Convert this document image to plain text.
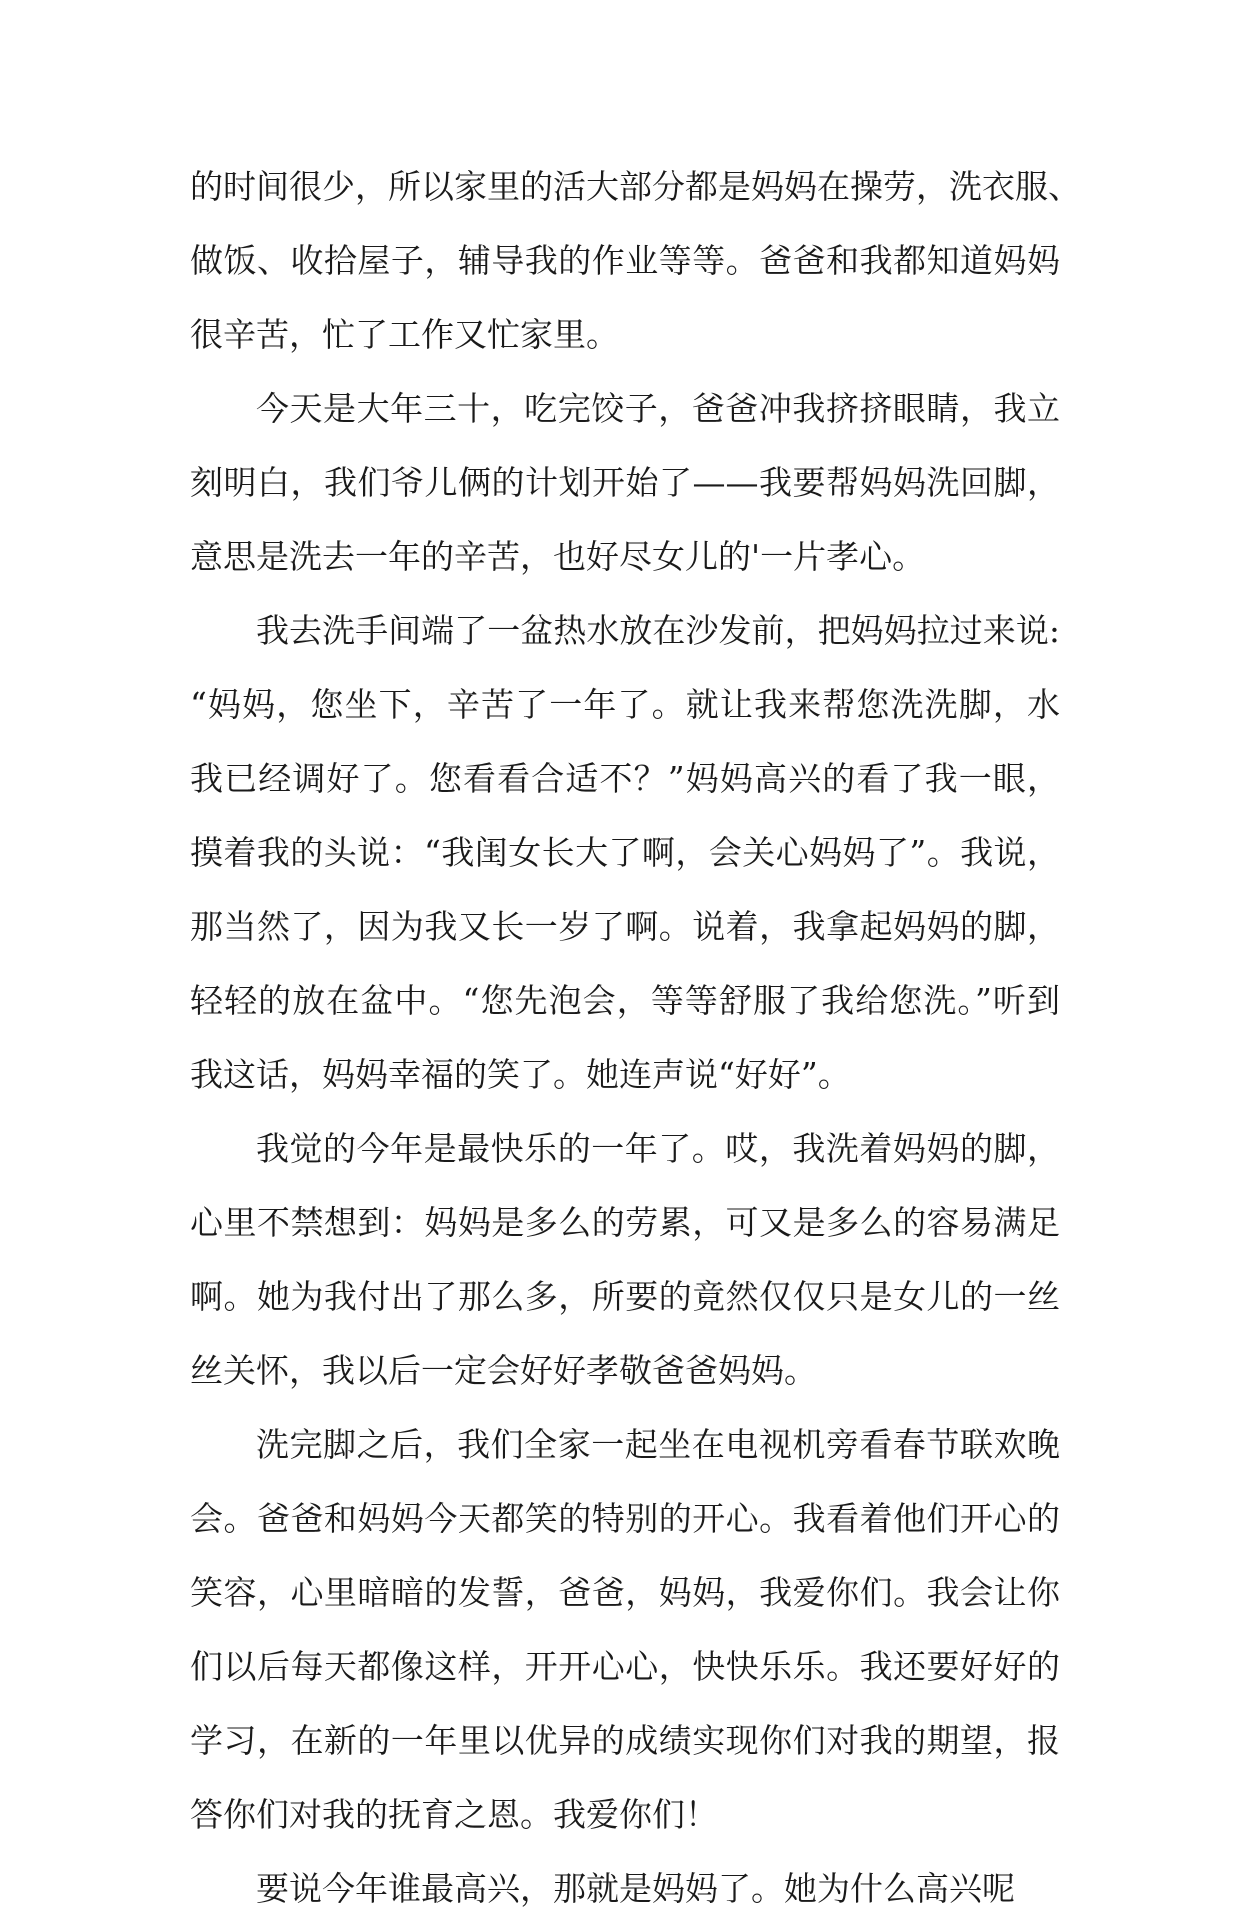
的时间很少，所以家里的活大部分都是妈妈在操劳，洗衣服、
做饭、收拾屋子，辅导我的作业等等。爸爸和我都知道妈妈
很辛苦，忙了工作又忙家里。
今天是大年三十，吃完饺子，爸爸冲我挤挤眼睛，我立
刻明白，我们爷儿俩的计划开始了——我要帮妈妈洗回脚，
意思是洗去一年的辛苦，也好尽女儿的'一片孝心。
我去洗手间端了一盆热水放在沙发前，把妈妈拉过来说:
“妈妈，您坐下，辛苦了一年了。就让我来帮您洗洗脚，水
我已经调好了。您看看合适不？”妈妈高兴的看了我一眼，
摸着我的头说：“我闺女长大了啊，会关心妈妈了”。我说，
那当然了，因为我又长一岁了啊。说着，我拿起妈妈的脚，
轻轻的放在盆中。“您先泡会，等等舒服了我给您洗。”听到
我这话，妈妈幸福的笑了。她连声说“好好”。
我觉的今年是最快乐的一年了。哎，我洗着妈妈的脚，
心里不禁想到：妈妈是多么的劳累，可又是多么的容易满足
啊。她为我付出了那么多，所要的竟然仅仅只是女儿的一丝
丝关怀，我以后一定会好好孝敬爸爸妈妈。
洗完脚之后，我们全家一起坐在电视机旁看春节联欢晚
会。爸爸和妈妈今天都笑的特别的开心。我看着他们开心的
笑容，心里暗暗的发誓，爸爸，妈妈，我爱你们。我会让你
们以后每天都像这样，开开心心，快快乐乐。我还要好好的
学习，在新的一年里以优异的成绩实现你们对我的期望，报
答你们对我的抚育之恩。我爱你们！
要说今年谁最高兴，那就是妈妈了。她为什么高兴呢
